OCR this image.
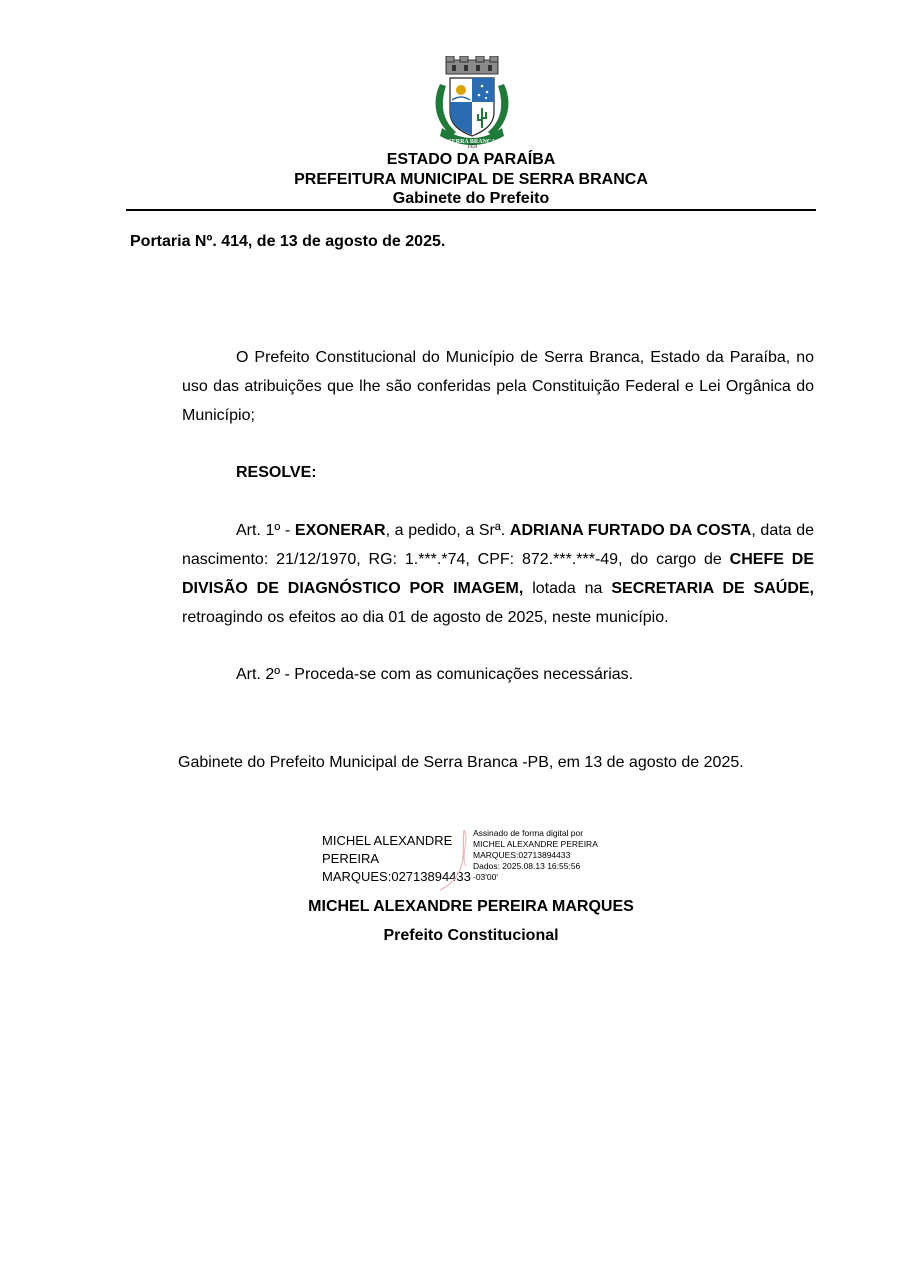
SERRA BRANCA
1959
ESTADO DA PARAÍBA
PREFEITURA MUNICIPAL DE SERRA BRANCA
Gabinete do Prefeito
Portaria Nº. 414, de 13 de agosto de 2025.

O Prefeito Constitucional do Município de Serra Branca, Estado da Paraíba, no uso das atribuições que lhe são conferidas pela Constituição Federal e Lei Orgânica do Município;

RESOLVE:

Art. 1º - EXONERAR, a pedido, a Srª. ADRIANA FURTADO DA COSTA, data de nascimento: 21/12/1970, RG: 1.***.*74, CPF: 872.***.***-49, do cargo de CHEFE DE DIVISÃO DE DIAGNÓSTICO POR IMAGEM, lotada na SECRETARIA DE SAÚDE, retroagindo os efeitos ao dia 01 de agosto de 2025, neste município.

Art. 2º - Proceda-se com as comunicações necessárias.

Gabinete do Prefeito Municipal de Serra Branca -PB, em 13 de agosto de 2025.
MICHEL ALEXANDRE
PEREIRA
MARQUES:02713894433
Assinado de forma digital por
MICHEL ALEXANDRE PEREIRA
MARQUES:02713894433
Dados: 2025.08.13 16:55:56
-03'00'
MICHEL ALEXANDRE PEREIRA MARQUES
Prefeito Constitucional
